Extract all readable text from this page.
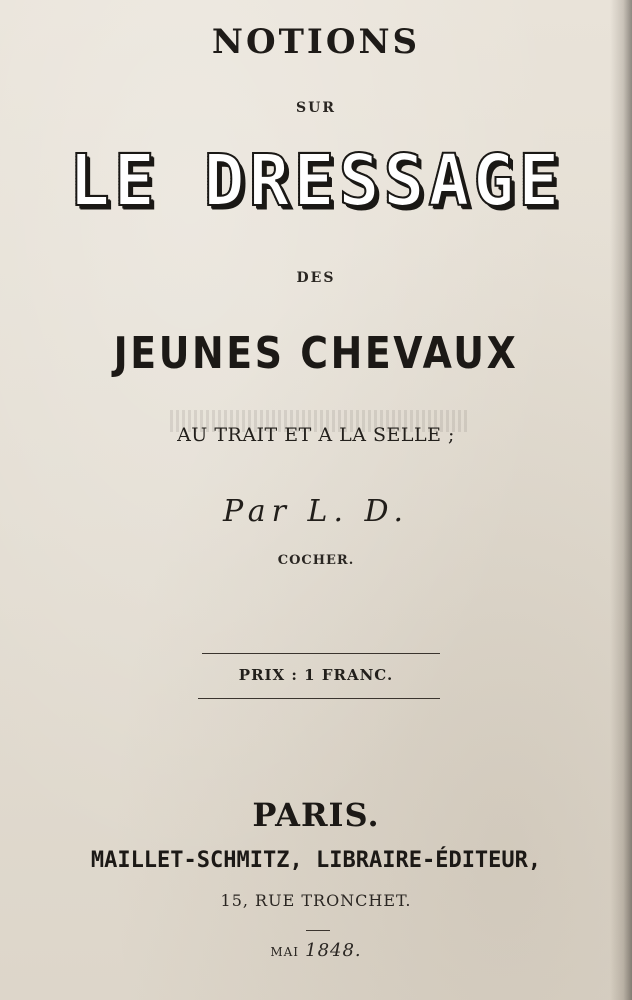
NOTIONS
SUR
LE DRESSAGE
DES
JEUNES CHEVAUX
AU TRAIT ET A LA SELLE ;
Par L. D.
COCHER.
PRIX : 1 FRANC.
PARIS.
MAILLET-SCHMITZ, LIBRAIRE-ÉDITEUR,
15, RUE TRONCHET.
MAI 1848.
